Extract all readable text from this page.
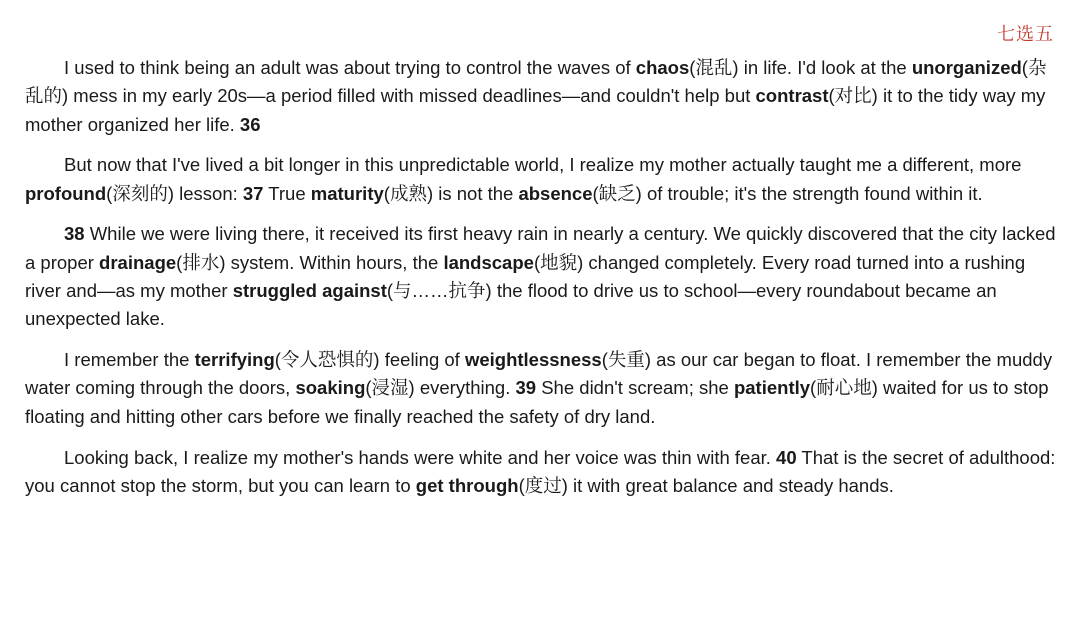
七选五

I used to think being an adult was about trying to control the waves of chaos(混乱) in life. I'd look at the unorganized(杂乱的) mess in my early 20s—a period filled with missed deadlines—and couldn't help but contrast(对比) it to the tidy way my mother organized her life. 36

But now that I've lived a bit longer in this unpredictable world, I realize my mother actually taught me a different, more profound(深刻的) lesson: 37 True maturity(成熟) is not the absence(缺乏) of trouble; it's the strength found within it.

38 While we were living there, it received its first heavy rain in nearly a century. We quickly discovered that the city lacked a proper drainage(排水) system. Within hours, the landscape(地貌) changed completely. Every road turned into a rushing river and—as my mother struggled against(与……抗争) the flood to drive us to school—every roundabout became an unexpected lake.

I remember the terrifying(令人恐惧的) feeling of weightlessness(失重) as our car began to float. I remember the muddy water coming through the doors, soaking(浸湿) everything. 39 She didn't scream; she patiently(耐心地) waited for us to stop floating and hitting other cars before we finally reached the safety of dry land.

Looking back, I realize my mother's hands were white and her voice was thin with fear. 40 That is the secret of adulthood: you cannot stop the storm, but you can learn to get through(度过) it with great balance and steady hands.
